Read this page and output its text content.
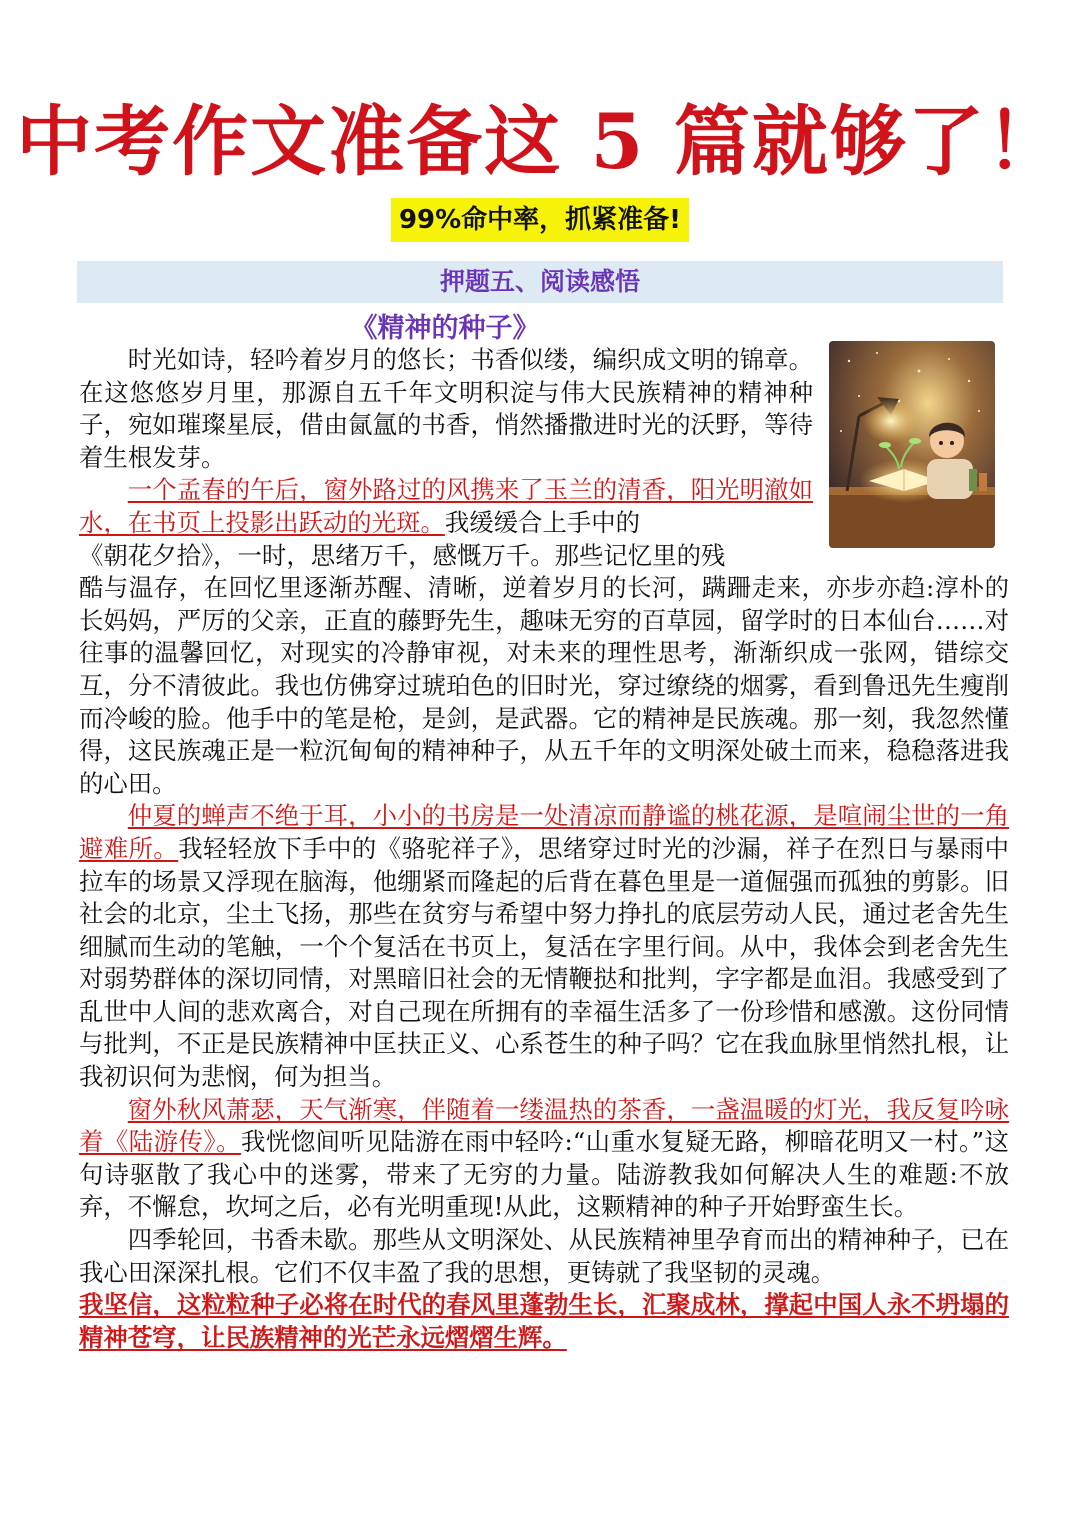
中考作文准备这 5 篇就够了！
99%命中率，抓紧准备!
押题五、阅读感悟
《精神的种子》

时光如诗，轻吟着岁月的悠长；书香似缕，编织成文明的锦章。在这悠悠岁月里，那源自五千年文明积淀与伟大民族精神的精神种子，宛如璀璨星辰，借由氤氲的书香，悄然播撒进时光的沃野，等待着生根发芽。

一个孟春的午后，窗外路过的风携来了玉兰的清香，阳光明澈如水，在书页上投影出跃动的光斑。我缓缓合上手中的

《朝花夕拾》，一时，思绪万千，感慨万千。那些记忆里的残

酷与温存，在回忆里逐渐苏醒、清晰，逆着岁月的长河，蹒跚走来，亦步亦趋:淳朴的长妈妈，严厉的父亲，正直的藤野先生，趣味无穷的百草园，留学时的日本仙台……对往事的温馨回忆，对现实的冷静审视，对未来的理性思考，渐渐织成一张网，错综交互，分不清彼此。我也仿佛穿过琥珀色的旧时光，穿过缭绕的烟雾，看到鲁迅先生瘦削而冷峻的脸。他手中的笔是枪，是剑，是武器。它的精神是民族魂。那一刻，我忽然懂得，这民族魂正是一粒沉甸甸的精神种子，从五千年的文明深处破土而来，稳稳落进我的心田。

仲夏的蝉声不绝于耳，小小的书房是一处清凉而静谧的桃花源，是喧闹尘世的一角避难所。我轻轻放下手中的《骆驼祥子》，思绪穿过时光的沙漏，祥子在烈日与暴雨中拉车的场景又浮现在脑海，他绷紧而隆起的后背在暮色里是一道倔强而孤独的剪影。旧社会的北京，尘土飞扬，那些在贫穷与希望中努力挣扎的底层劳动人民，通过老舍先生细腻而生动的笔触，一个个复活在书页上，复活在字里行间。从中，我体会到老舍先生对弱势群体的深切同情，对黑暗旧社会的无情鞭挞和批判，字字都是血泪。我感受到了乱世中人间的悲欢离合，对自己现在所拥有的幸福生活多了一份珍惜和感激。这份同情与批判，不正是民族精神中匡扶正义、心系苍生的种子吗？它在我血脉里悄然扎根，让我初识何为悲悯，何为担当。

窗外秋风萧瑟，天气渐寒，伴随着一缕温热的茶香，一盏温暖的灯光，我反复吟咏着《陆游传》。我恍惚间听见陆游在雨中轻吟:“山重水复疑无路，柳暗花明又一村。”这句诗驱散了我心中的迷雾，带来了无穷的力量。陆游教我如何解决人生的难题:不放弃，不懈怠，坎坷之后，必有光明重现!从此，这颗精神的种子开始野蛮生长。

四季轮回，书香未歇。那些从文明深处、从民族精神里孕育而出的精神种子，已在我心田深深扎根。它们不仅丰盈了我的思想，更铸就了我坚韧的灵魂。

我坚信，这粒粒种子必将在时代的春风里蓬勃生长，汇聚成林，撑起中国人永不坍塌的精神苍穹，让民族精神的光芒永远熠熠生辉。
